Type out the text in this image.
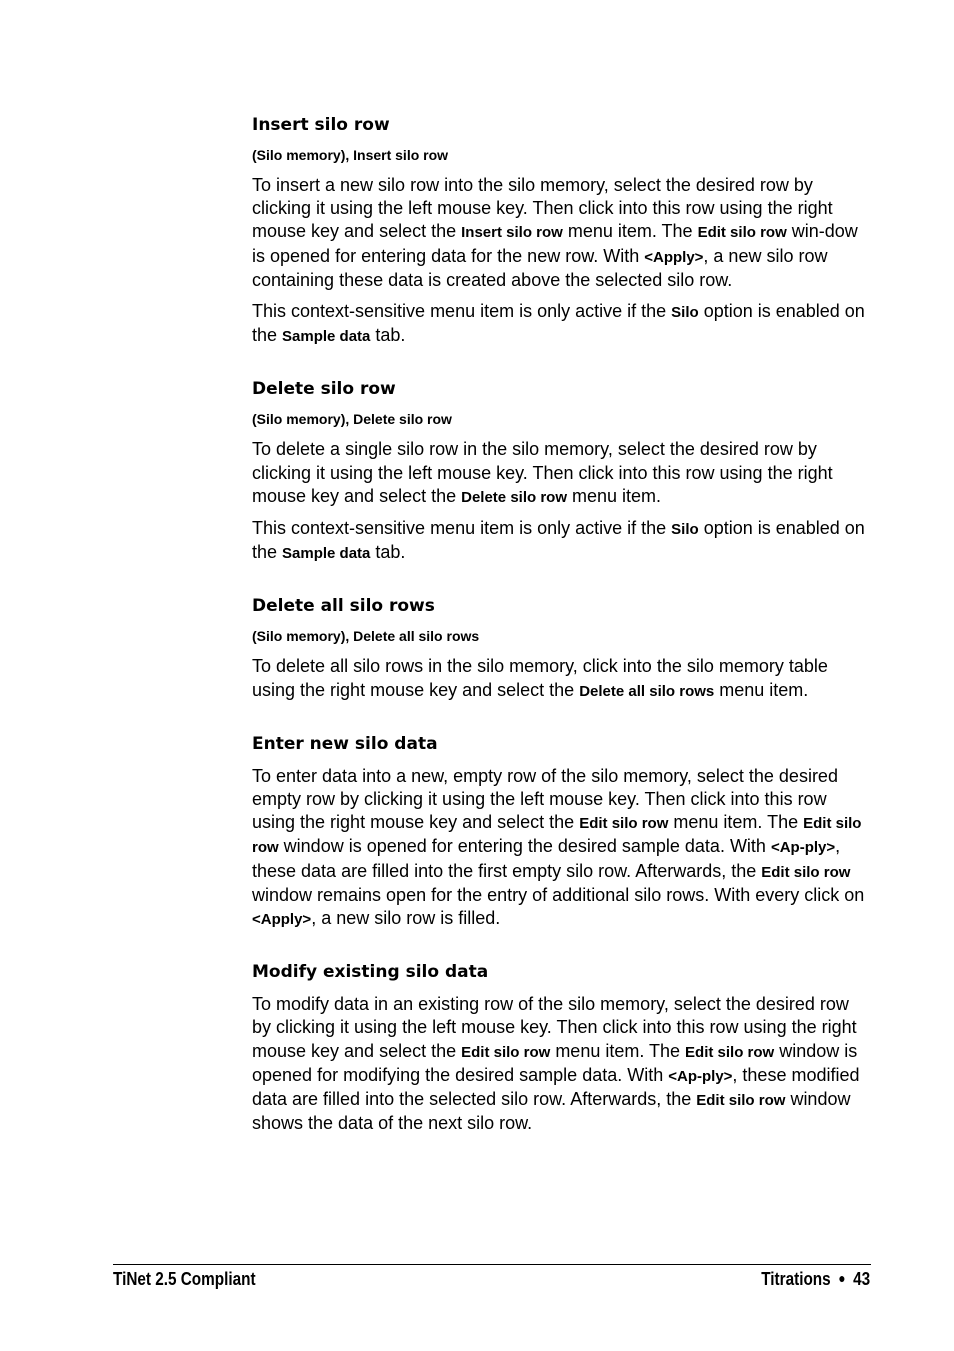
Insert silo row
(Silo memory), Insert silo row
To insert a new silo row into the silo memory, select the desired row by clicking it using the left mouse key. Then click into this row using the right mouse key and select the Insert silo row menu item. The Edit silo row win-dow is opened for entering data for the new row. With <Apply>, a new silo row containing these data is created above the selected silo row.
This context-sensitive menu item is only active if the Silo option is enabled on the Sample data tab.
Delete silo row
(Silo memory), Delete silo row
To delete a single silo row in the silo memory, select the desired row by clicking it using the left mouse key. Then click into this row using the right mouse key and select the Delete silo row menu item.
This context-sensitive menu item is only active if the Silo option is enabled on the Sample data tab.
Delete all silo rows
(Silo memory), Delete all silo rows
To delete all silo rows in the silo memory, click into the silo memory table using the right mouse key and select the Delete all silo rows menu item.
Enter new silo data
To enter data into a new, empty row of the silo memory, select the desired empty row by clicking it using the left mouse key. Then click into this row using the right mouse key and select the Edit silo row menu item. The Edit silo row window is opened for entering the desired sample data. With <Ap-ply>, these data are filled into the first empty silo row. Afterwards, the Edit silo row window remains open for the entry of additional silo rows. With every click on <Apply>, a new silo row is filled.
Modify existing silo data
To modify data in an existing row of the silo memory, select the desired row by clicking it using the left mouse key. Then click into this row using the right mouse key and select the Edit silo row menu item. The Edit silo row window is opened for modifying the desired sample data. With <Ap-ply>, these modified data are filled into the selected silo row. Afterwards, the Edit silo row window shows the data of the next silo row.
TiNet 2.5 Compliant	Titrations ● 43
